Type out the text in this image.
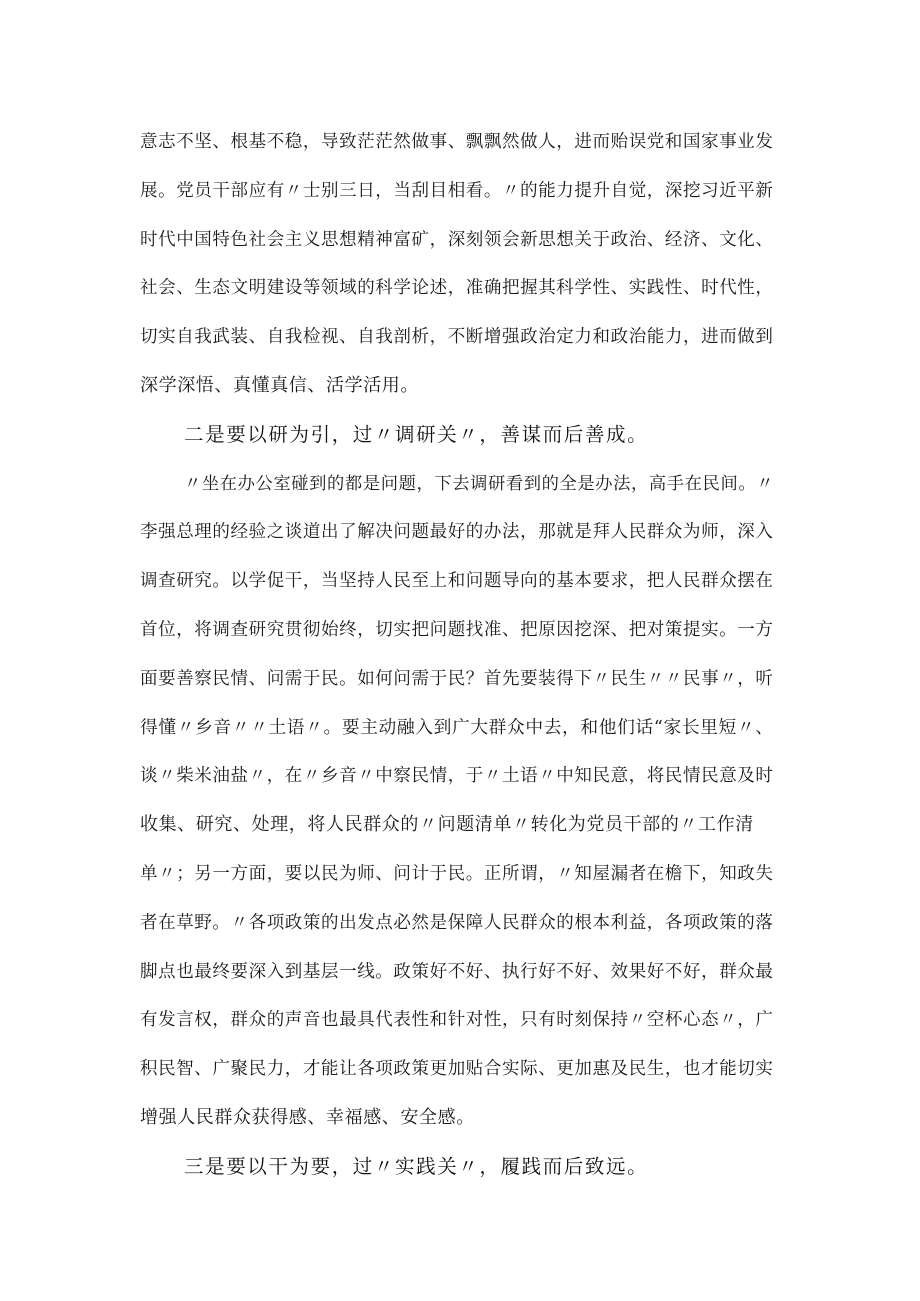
意志不坚、根基不稳，导致茫茫然做事、飘飘然做人，进而贻误党和国家事业发
展。党员干部应有〃士别三日，当刮目相看。〃的能力提升自觉，深挖习近平新
时代中国特色社会主义思想精神富矿，深刻领会新思想关于政治、经济、文化、
社会、生态文明建设等领域的科学论述，准确把握其科学性、实践性、时代性，
切实自我武装、自我检视、自我剖析，不断增强政治定力和政治能力，进而做到
深学深悟、真懂真信、活学活用。
二是要以研为引，过〃调研关〃，善谋而后善成。
〃坐在办公室碰到的都是问题，下去调研看到的全是办法，高手在民间。〃
李强总理的经验之谈道出了解决问题最好的办法，那就是拜人民群众为师，深入
调查研究。以学促干，当坚持人民至上和问题导向的基本要求，把人民群众摆在
首位，将调查研究贯彻始终，切实把问题找准、把原因挖深、把对策提实。一方
面要善察民情、问需于民。如何问需于民？首先要装得下〃民生〃〃民事〃，听
得懂〃乡音〃〃土语〃。要主动融入到广大群众中去，和他们话“家长里短〃、
谈〃柴米油盐〃，在〃乡音〃中察民情，于〃土语〃中知民意，将民情民意及时
收集、研究、处理，将人民群众的〃问题清单〃转化为党员干部的〃工作清
单〃；另一方面，要以民为师、问计于民。正所谓，〃知屋漏者在檐下，知政失
者在草野。〃各项政策的出发点必然是保障人民群众的根本利益，各项政策的落
脚点也最终要深入到基层一线。政策好不好、执行好不好、效果好不好，群众最
有发言权，群众的声音也最具代表性和针对性，只有时刻保持〃空杯心态〃，广
积民智、广聚民力，才能让各项政策更加贴合实际、更加惠及民生，也才能切实
增强人民群众获得感、幸福感、安全感。
三是要以干为要，过〃实践关〃，履践而后致远。
